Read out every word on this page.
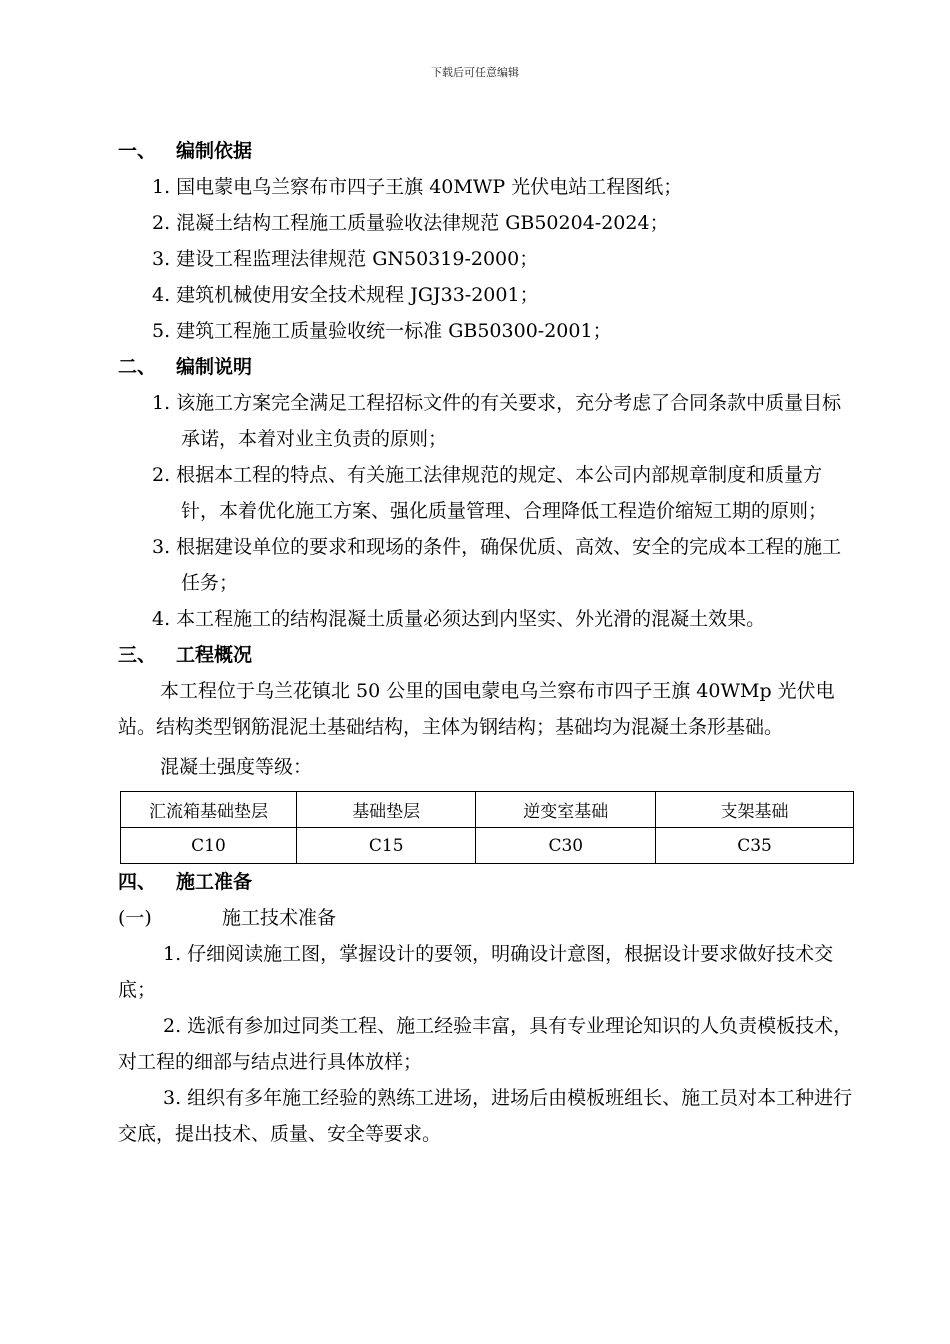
下载后可任意编辑
一、 编制依据
1. 国电蒙电乌兰察布市四子王旗 40MWP 光伏电站工程图纸；
2. 混凝土结构工程施工质量验收法律规范 GB50204-2024；
3. 建设工程监理法律规范 GN50319-2000；
4. 建筑机械使用安全技术规程 JGJ33-2001；
5. 建筑工程施工质量验收统一标准 GB50300-2001；
二、 编制说明
1. 该施工方案完全满足工程招标文件的有关要求，充分考虑了合同条款中质量目标承诺，本着对业主负责的原则；
2. 根据本工程的特点、有关施工法律规范的规定、本公司内部规章制度和质量方针，本着优化施工方案、强化质量管理、合理降低工程造价缩短工期的原则；
3. 根据建设单位的要求和现场的条件，确保优质、高效、安全的完成本工程的施工任务；
4. 本工程施工的结构混凝土质量必须达到内坚实、外光滑的混凝土效果。
三、 工程概况
本工程位于乌兰花镇北 50 公里的国电蒙电乌兰察布市四子王旗 40WMp 光伏电站。结构类型钢筋混泥土基础结构，主体为钢结构；基础均为混凝土条形基础。
混凝土强度等级：
汇流箱基础垫层	基础垫层	逆变室基础	支架基础
C10	C15	C30	C35
四、 施工准备
(一)	施工技术准备
1. 仔细阅读施工图，掌握设计的要领，明确设计意图，根据设计要求做好技术交底；
2. 选派有参加过同类工程、施工经验丰富，具有专业理论知识的人负责模板技术，对工程的细部与结点进行具体放样；
3. 组织有多年施工经验的熟练工进场，进场后由模板班组长、施工员对本工种进行交底，提出技术、质量、安全等要求。
